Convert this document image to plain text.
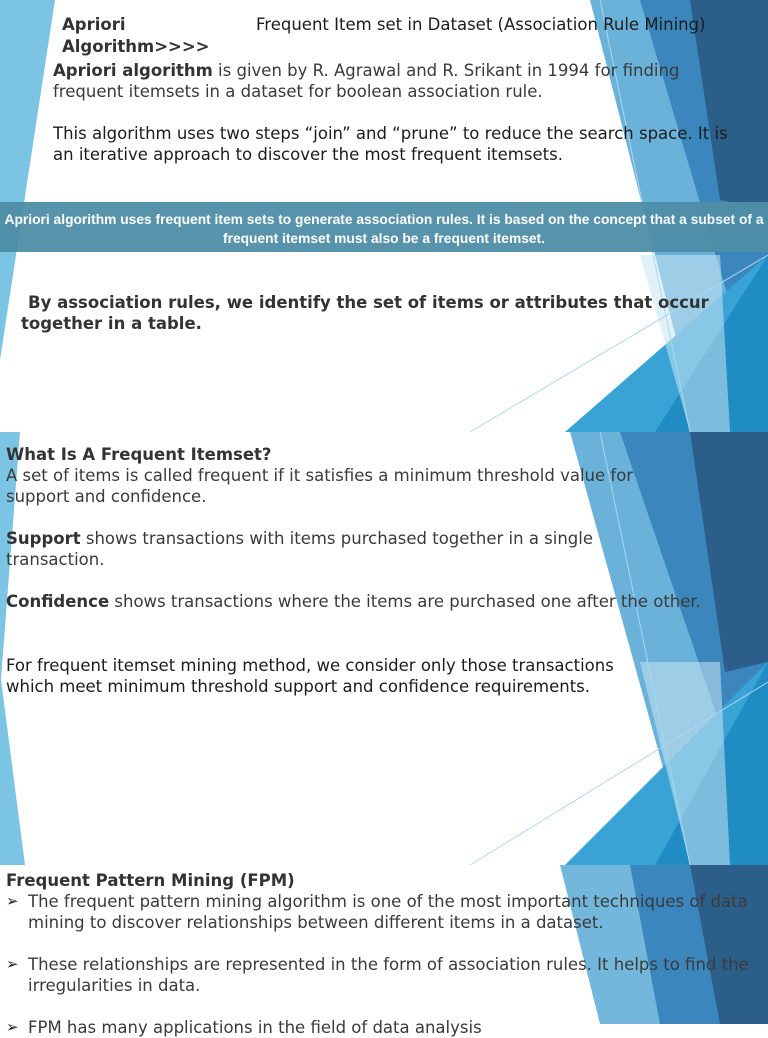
Apriori
Algorithm>>>>
Frequent Item set in Dataset (Association Rule Mining)

Apriori algorithm is given by R. Agrawal and R. Srikant in 1994 for finding frequent itemsets in a dataset for boolean association rule.

This algorithm uses two steps “join” and “prune” to reduce the search space. It is an iterative approach to discover the most frequent itemsets.

Apriori algorithm uses frequent item sets to generate association rules. It is based on the concept that a subset of a frequent itemset must also be a frequent itemset.

By association rules, we identify the set of items or attributes that occur together in a table.

What Is A Frequent Itemset?

A set of items is called frequent if it satisfies a minimum threshold value for support and confidence.

Support shows transactions with items purchased together in a single transaction.

Confidence shows transactions where the items are purchased one after the other.

For frequent itemset mining method, we consider only those transactions which meet minimum threshold support and confidence requirements.

Frequent Pattern Mining (FPM)
➢ The frequent pattern mining algorithm is one of the most important techniques of data mining to discover relationships between different items in a dataset.
➢ These relationships are represented in the form of association rules. It helps to find the irregularities in data.
➢ FPM has many applications in the field of data analysis
